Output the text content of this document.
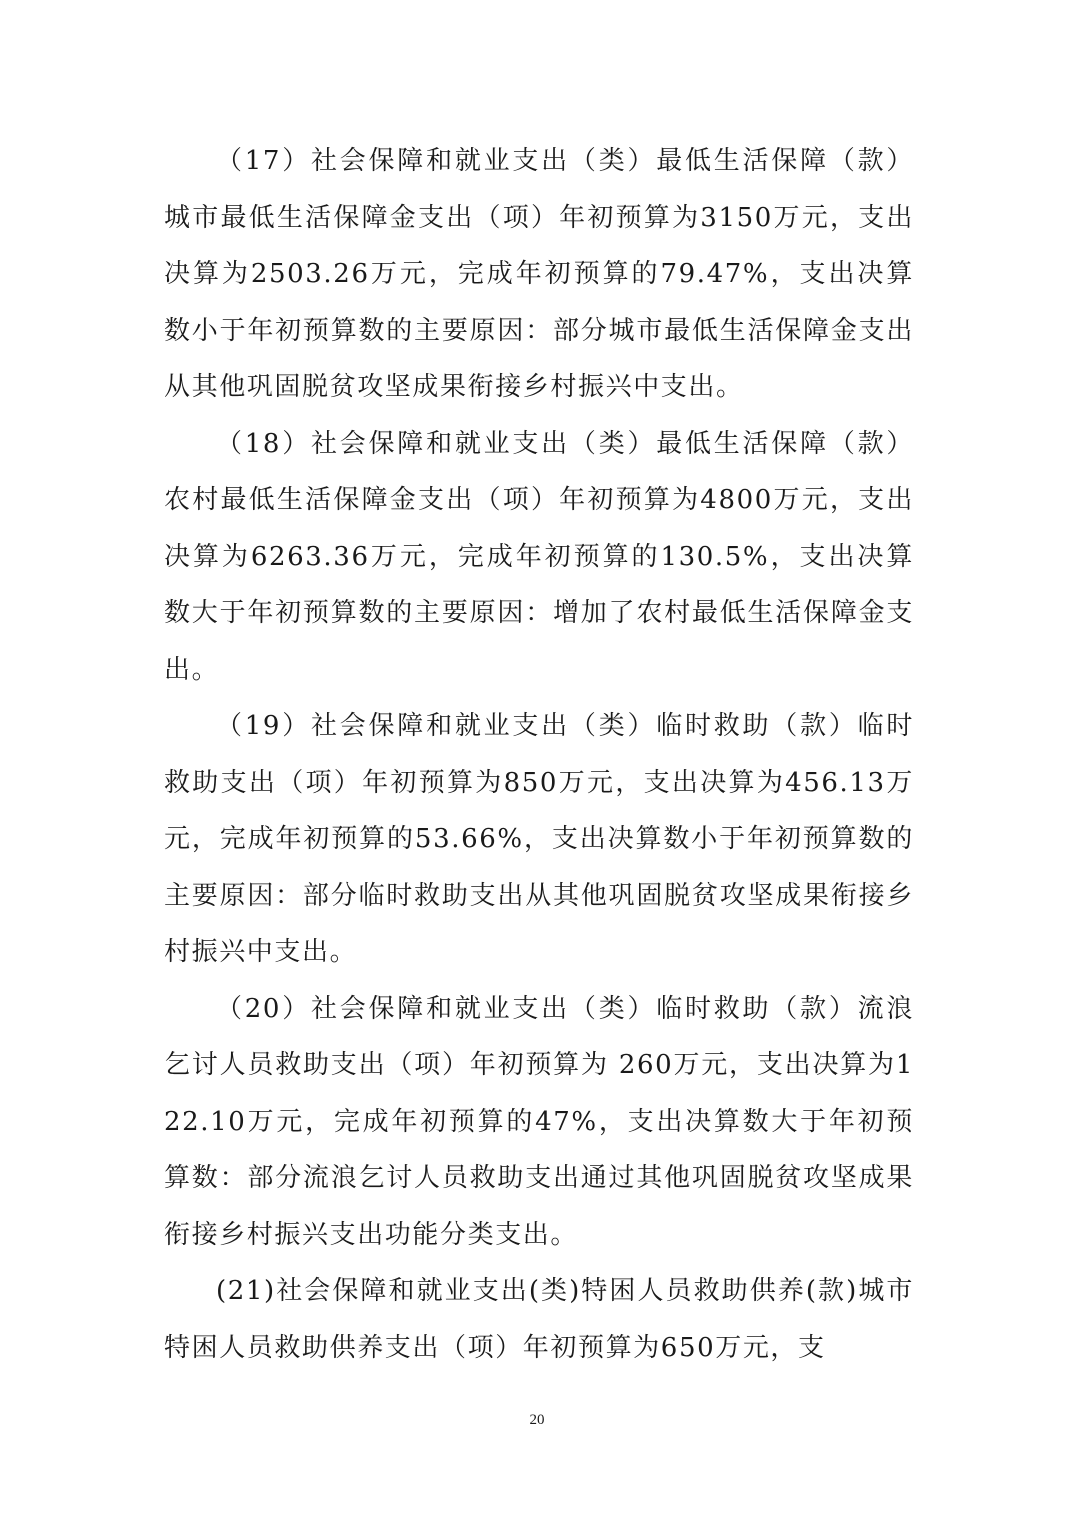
（17）社会保障和就业支出（类）最低生活保障（款）城市最低生活保障金支出（项）年初预算为3150万元，支出决算为2503.26万元，完成年初预算的79.47%，支出决算数小于年初预算数的主要原因：部分城市最低生活保障金支出从其他巩固脱贫攻坚成果衔接乡村振兴中支出。

（18）社会保障和就业支出（类）最低生活保障（款）农村最低生活保障金支出（项）年初预算为4800万元，支出决算为6263.36万元，完成年初预算的130.5%，支出决算数大于年初预算数的主要原因：增加了农村最低生活保障金支出。

（19）社会保障和就业支出（类）临时救助（款）临时救助支出（项）年初预算为850万元，支出决算为456.13万元，完成年初预算的53.66%，支出决算数小于年初预算数的主要原因：部分临时救助支出从其他巩固脱贫攻坚成果衔接乡村振兴中支出。

（20）社会保障和就业支出（类）临时救助（款）流浪乞讨人员救助支出（项）年初预算为 260万元，支出决算为122.10万元，完成年初预算的47%，支出决算数大于年初预算数：部分流浪乞讨人员救助支出通过其他巩固脱贫攻坚成果衔接乡村振兴支出功能分类支出。

(21)社会保障和就业支出(类)特困人员救助供养(款)城市特困人员救助供养支出（项）年初预算为650万元，支

20
